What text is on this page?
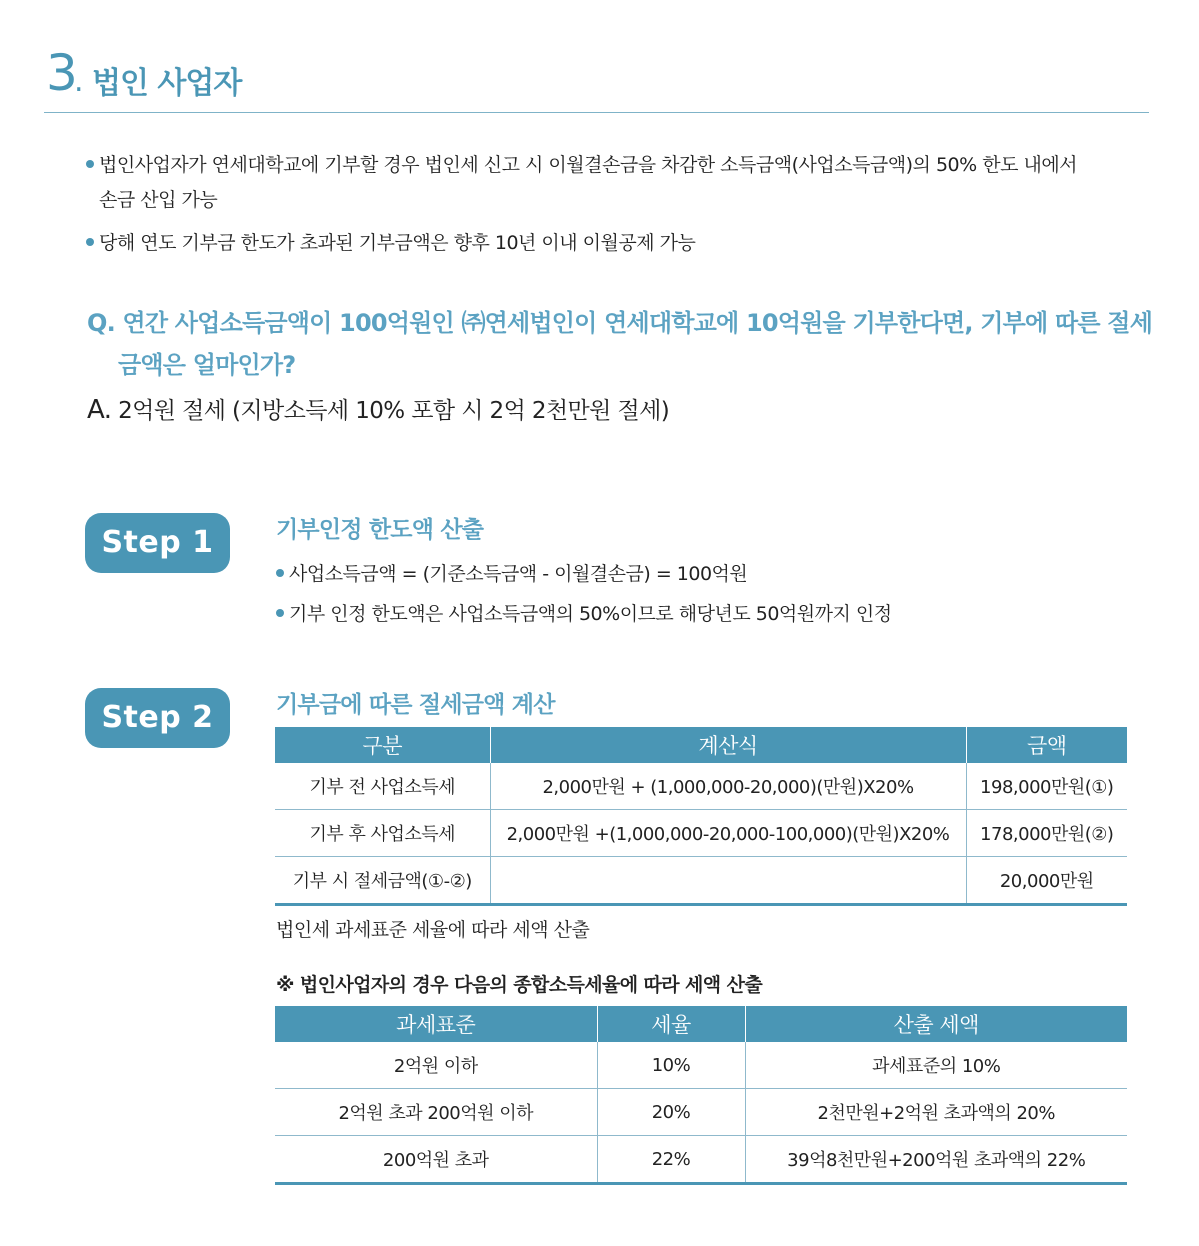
3
. 법인 사업자
법인사업자가 연세대학교에 기부할 경우 법인세 신고 시 이월결손금을 차감한 소득금액(사업소득금액)의 50% 한도 내에서
손금 산입 가능
당해 연도 기부금 한도가 초과된 기부금액은 향후 10년 이내 이월공제 가능
Q. 연간 사업소득금액이 100억원인 ㈜연세법인이 연세대학교에 10억원을 기부한다면, 기부에 따른 절세
금액은 얼마인가?
A. 2억원 절세 (지방소득세 10% 포함 시 2억 2천만원 절세)
Step 1	기부인정 한도액 산출
사업소득금액 = (기준소득금액 - 이월결손금) = 100억원
기부 인정 한도액은 사업소득금액의 50%이므로 해당년도 50억원까지 인정
Step 2	기부금에 따른 절세금액 계산
구분	계산식	금액
기부 전 사업소득세	2,000만원 + (1,000,000-20,000)(만원)X20%	198,000만원(①)
기부 후 사업소득세	2,000만원 +(1,000,000-20,000-100,000)(만원)X20%	178,000만원(②)
기부 시 절세금액(①-②)		20,000만원
법인세 과세표준 세율에 따라 세액 산출
※ 법인사업자의 경우 다음의 종합소득세율에 따라 세액 산출
과세표준	세율	산출 세액
2억원 이하	10%	과세표준의 10%
2억원 초과 200억원 이하	20%	2천만원+2억원 초과액의 20%
200억원 초과	22%	39억8천만원+200억원 초과액의 22%
